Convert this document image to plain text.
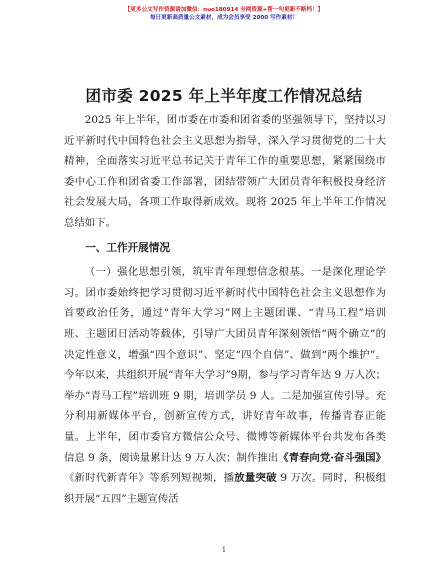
【更多公文写作资源请加微信：nuo180914 全网资源+帮一句更新不断档！】
每日更新高质量公文素材，成为会员享受 2000 写作素材！
团市委 2025 年上半年度工作情况总结

2025 年上半年，团市委在市委和团省委的坚强领导下，坚持以习近平新时代中国特色社会主义思想为指导，深入学习贯彻党的二十大精神，全面落实习近平总书记关于青年工作的重要思想，紧紧围绕市委中心工作和团省委工作部署，团结带领广大团员青年积极投身经济社会发展大局，各项工作取得新成效。现将 2025 年上半年工作情况总结如下。

一、工作开展情况

（一）强化思想引领，筑牢青年理想信念根基。一是深化理论学习。团市委始终把学习贯彻习近平新时代中国特色社会主义思想作为首要政治任务，通过“青年大学习”网上主题团课、“青马工程”培训班、主题团日活动等载体，引导广大团员青年深刻领悟“两个确立”的决定性意义，增强“四个意识”、坚定“四个自信”、做到“两个维护”。今年以来，共组织开展“青年大学习”9期，参与学习青年达 9 万人次；举办“青马工程”培训班 9 期，培训学员 9 人。二是加强宣传引导。充分利用新媒体平台，创新宣传方式，讲好青年故事，传播青春正能量。上半年，团市委官方微信公众号、微博等新媒体平台共发布各类信息 9 条，阅读量累计达 9 万人次；制作推出《青春向党·奋斗强国》《新时代新青年》等系列短视频，播放量突破 9 万次。同时，积极组织开展“五四”主题宣传活

1
